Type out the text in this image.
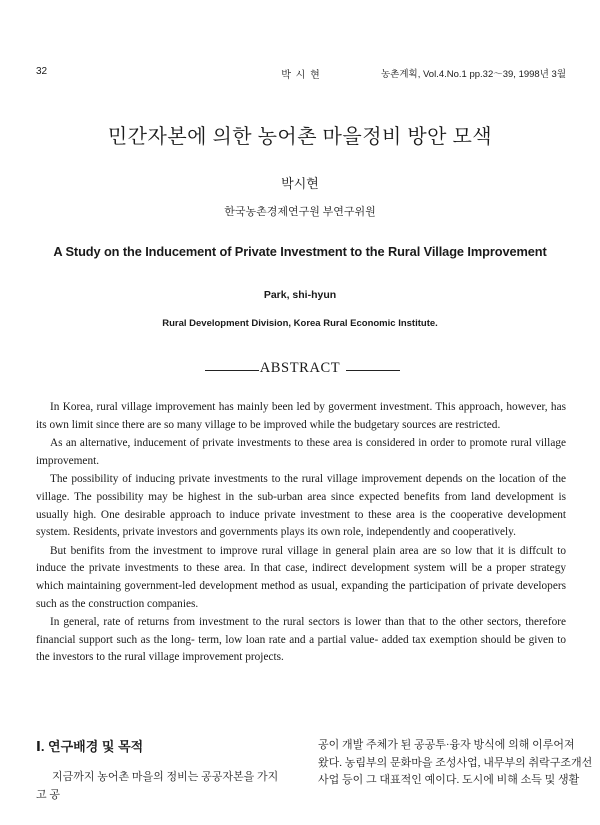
32	박 시 현	농촌계획, Vol.4.No.1 pp.32～39, 1998년 3월
민간자본에 의한 농어촌 마을정비 방안 모색
박시현
한국농촌경제연구원 부연구위원
A Study on the Inducement of Private Investment to the Rural Village Improvement
Park, shi-hyun
Rural Development Division, Korea Rural Economic Institute.
ABSTRACT

In Korea, rural village improvement has mainly been led by goverment investment. This approach, however, has its own limit since there are so many village to be improved while the budgetary sources are restricted.

As an alternative, inducement of private investments to these area is considered in order to promote rural village improvement.

The possibility of inducing private investments to the rural village improvement depends on the location of the village. The possibility may be highest in the sub-urban area since expected benefits from land development is usually high. One desirable approach to induce private investment to these area is the cooperative development system. Residents, private investors and governments plays its own role, independently and cooperatively.

But benifits from the investment to improve rural village in general plain area are so low that it is diffcult to induce the private investments to these area. In that case, indirect development system will be a proper strategy which maintaining government-led development method as usual, expanding the participation of private developers such as the construction companies.

In general, rate of returns from investment to the rural sectors is lower than that to the other sectors, therefore financial support such as the long- term, low loan rate and a partial value- added tax exemption should be given to the investors to the rural village improvement projects.

Ⅰ. 연구배경 및 목적
지금까지 농어촌 마을의 정비는 공공자본을 가지고 공
공이 개발 주체가 된 공공투·융자 방식에 의해 이루어져
왔다. 농림부의 문화마을 조성사업, 내무부의 취락구조개선
사업 등이 그 대표적인 예이다. 도시에 비해 소득 및 생활
